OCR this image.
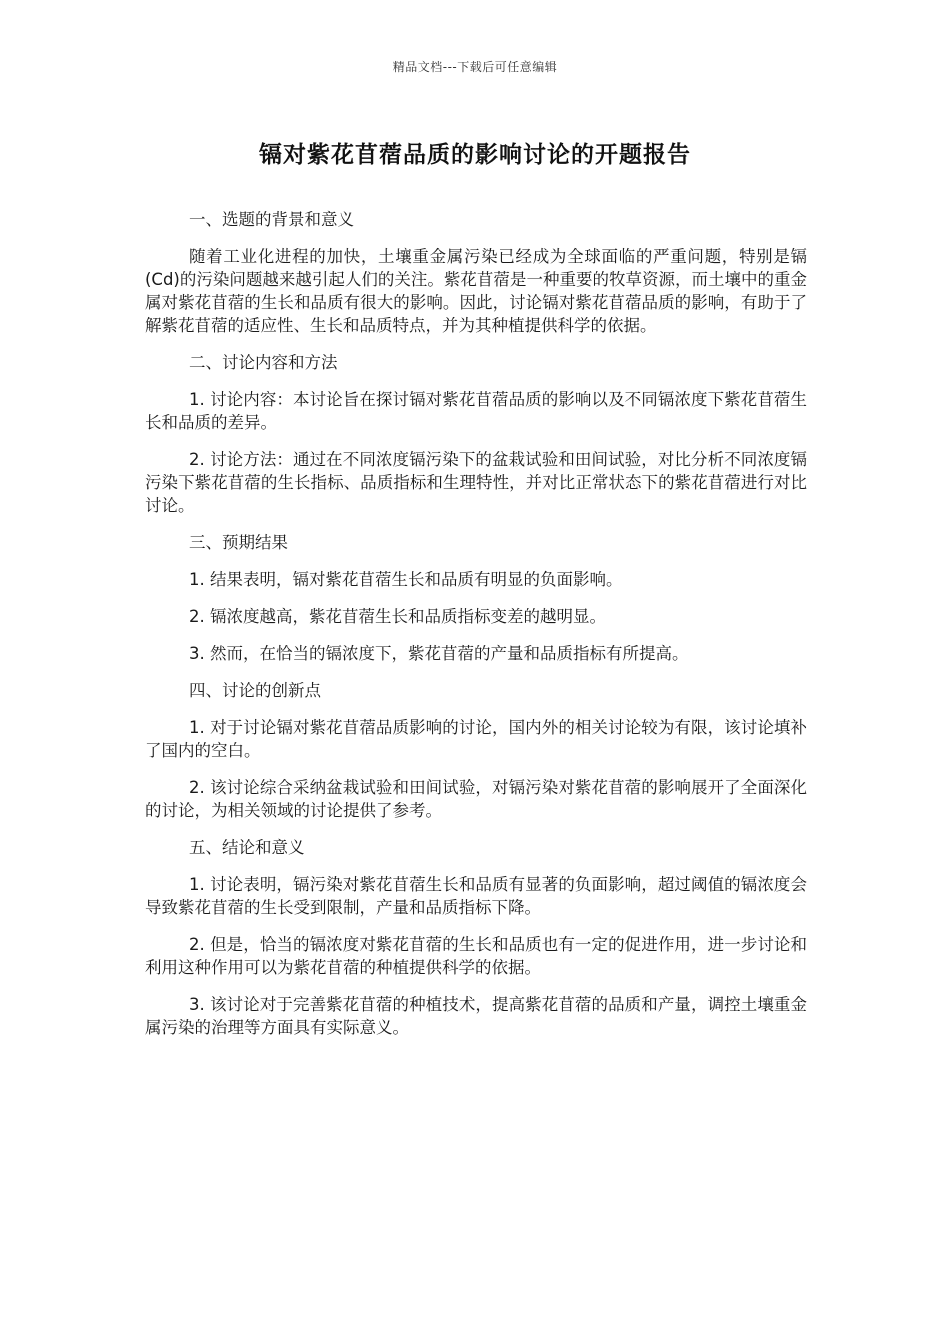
精品文档---下载后可任意编辑
镉对紫花苜蓿品质的影响讨论的开题报告

一、选题的背景和意义

随着工业化进程的加快，土壤重金属污染已经成为全球面临的严重问题，特别是镉(Cd)的污染问题越来越引起人们的关注。紫花苜蓿是一种重要的牧草资源，而土壤中的重金属对紫花苜蓿的生长和品质有很大的影响。因此，讨论镉对紫花苜蓿品质的影响，有助于了解紫花苜蓿的适应性、生长和品质特点，并为其种植提供科学的依据。

二、讨论内容和方法

1. 讨论内容：本讨论旨在探讨镉对紫花苜蓿品质的影响以及不同镉浓度下紫花苜蓿生长和品质的差异。

2. 讨论方法：通过在不同浓度镉污染下的盆栽试验和田间试验，对比分析不同浓度镉污染下紫花苜蓿的生长指标、品质指标和生理特性，并对比正常状态下的紫花苜蓿进行对比讨论。

三、预期结果

1. 结果表明，镉对紫花苜蓿生长和品质有明显的负面影响。

2. 镉浓度越高，紫花苜蓿生长和品质指标变差的越明显。

3. 然而，在恰当的镉浓度下，紫花苜蓿的产量和品质指标有所提高。

四、讨论的创新点

1. 对于讨论镉对紫花苜蓿品质影响的讨论，国内外的相关讨论较为有限，该讨论填补了国内的空白。

2. 该讨论综合采纳盆栽试验和田间试验，对镉污染对紫花苜蓿的影响展开了全面深化的讨论，为相关领域的讨论提供了参考。

五、结论和意义

1. 讨论表明，镉污染对紫花苜蓿生长和品质有显著的负面影响，超过阈值的镉浓度会导致紫花苜蓿的生长受到限制，产量和品质指标下降。

2. 但是，恰当的镉浓度对紫花苜蓿的生长和品质也有一定的促进作用，进一步讨论和利用这种作用可以为紫花苜蓿的种植提供科学的依据。

3. 该讨论对于完善紫花苜蓿的种植技术，提高紫花苜蓿的品质和产量，调控土壤重金属污染的治理等方面具有实际意义。
